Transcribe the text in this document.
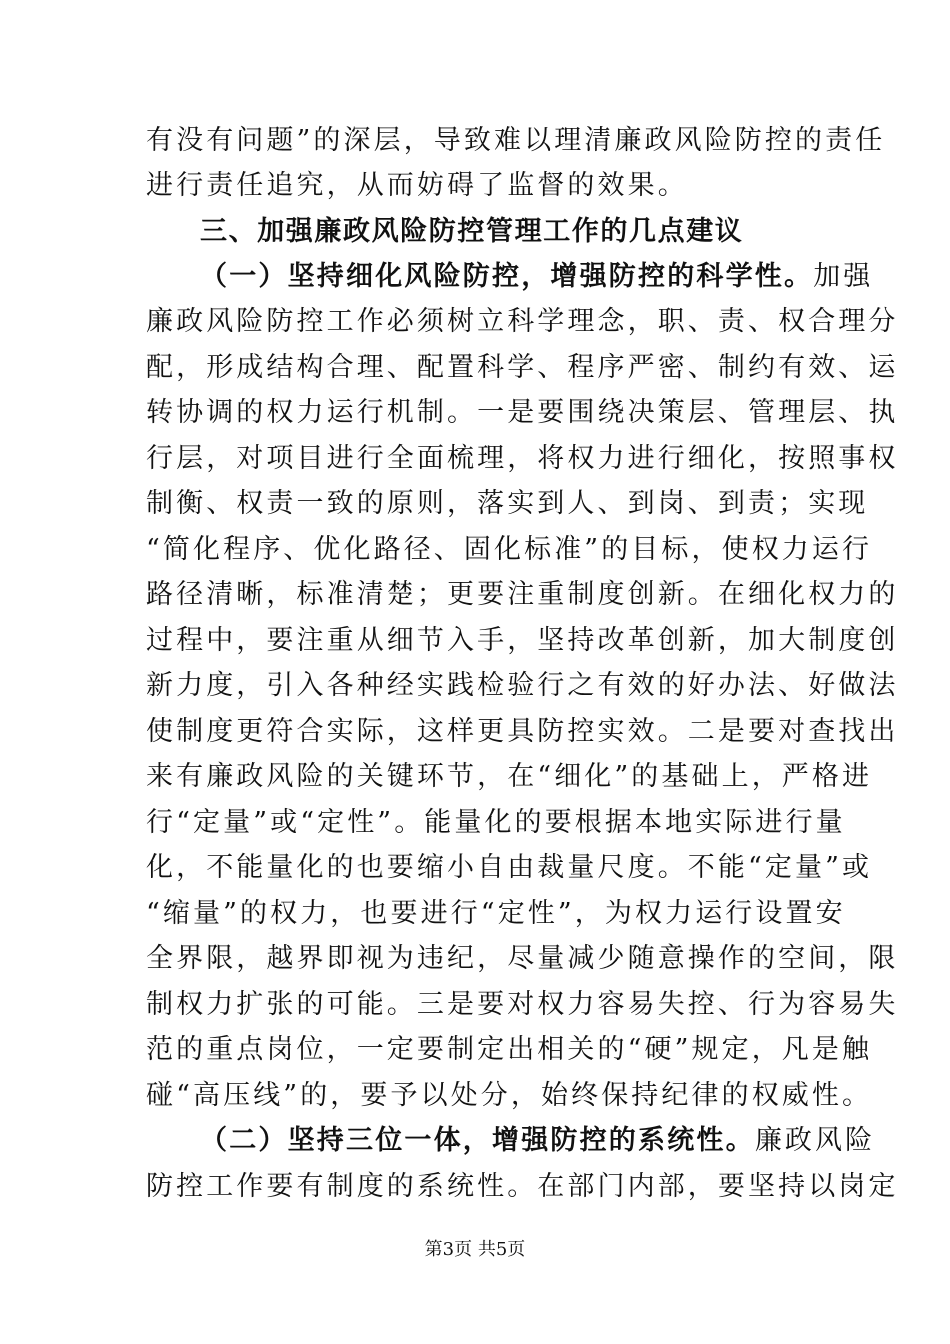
有没有问题”的深层，导致难以理清廉政风险防控的责任
进行责任追究，从而妨碍了监督的效果。
三、加强廉政风险防控管理工作的几点建议
（一）坚持细化风险防控，增强防控的科学性。加强
廉政风险防控工作必须树立科学理念，职、责、权合理分
配，形成结构合理、配置科学、程序严密、制约有效、运
转协调的权力运行机制。一是要围绕决策层、管理层、执
行层，对项目进行全面梳理，将权力进行细化，按照事权
制衡、权责一致的原则，落实到人、到岗、到责；实现
“简化程序、优化路径、固化标准”的目标，使权力运行
路径清晰，标准清楚；更要注重制度创新。在细化权力的
过程中，要注重从细节入手，坚持改革创新，加大制度创
新力度，引入各种经实践检验行之有效的好办法、好做法
使制度更符合实际，这样更具防控实效。二是要对查找出
来有廉政风险的关键环节，在“细化”的基础上，严格进
行“定量”或“定性”。能量化的要根据本地实际进行量
化，不能量化的也要缩小自由裁量尺度。不能“定量”或
“缩量”的权力，也要进行“定性”，为权力运行设置安
全界限，越界即视为违纪，尽量减少随意操作的空间，限
制权力扩张的可能。三是要对权力容易失控、行为容易失
范的重点岗位，一定要制定出相关的“硬”规定，凡是触
碰“高压线”的，要予以处分，始终保持纪律的权威性。
（二）坚持三位一体，增强防控的系统性。廉政风险
防控工作要有制度的系统性。在部门内部，要坚持以岗定
第3页 共5页
